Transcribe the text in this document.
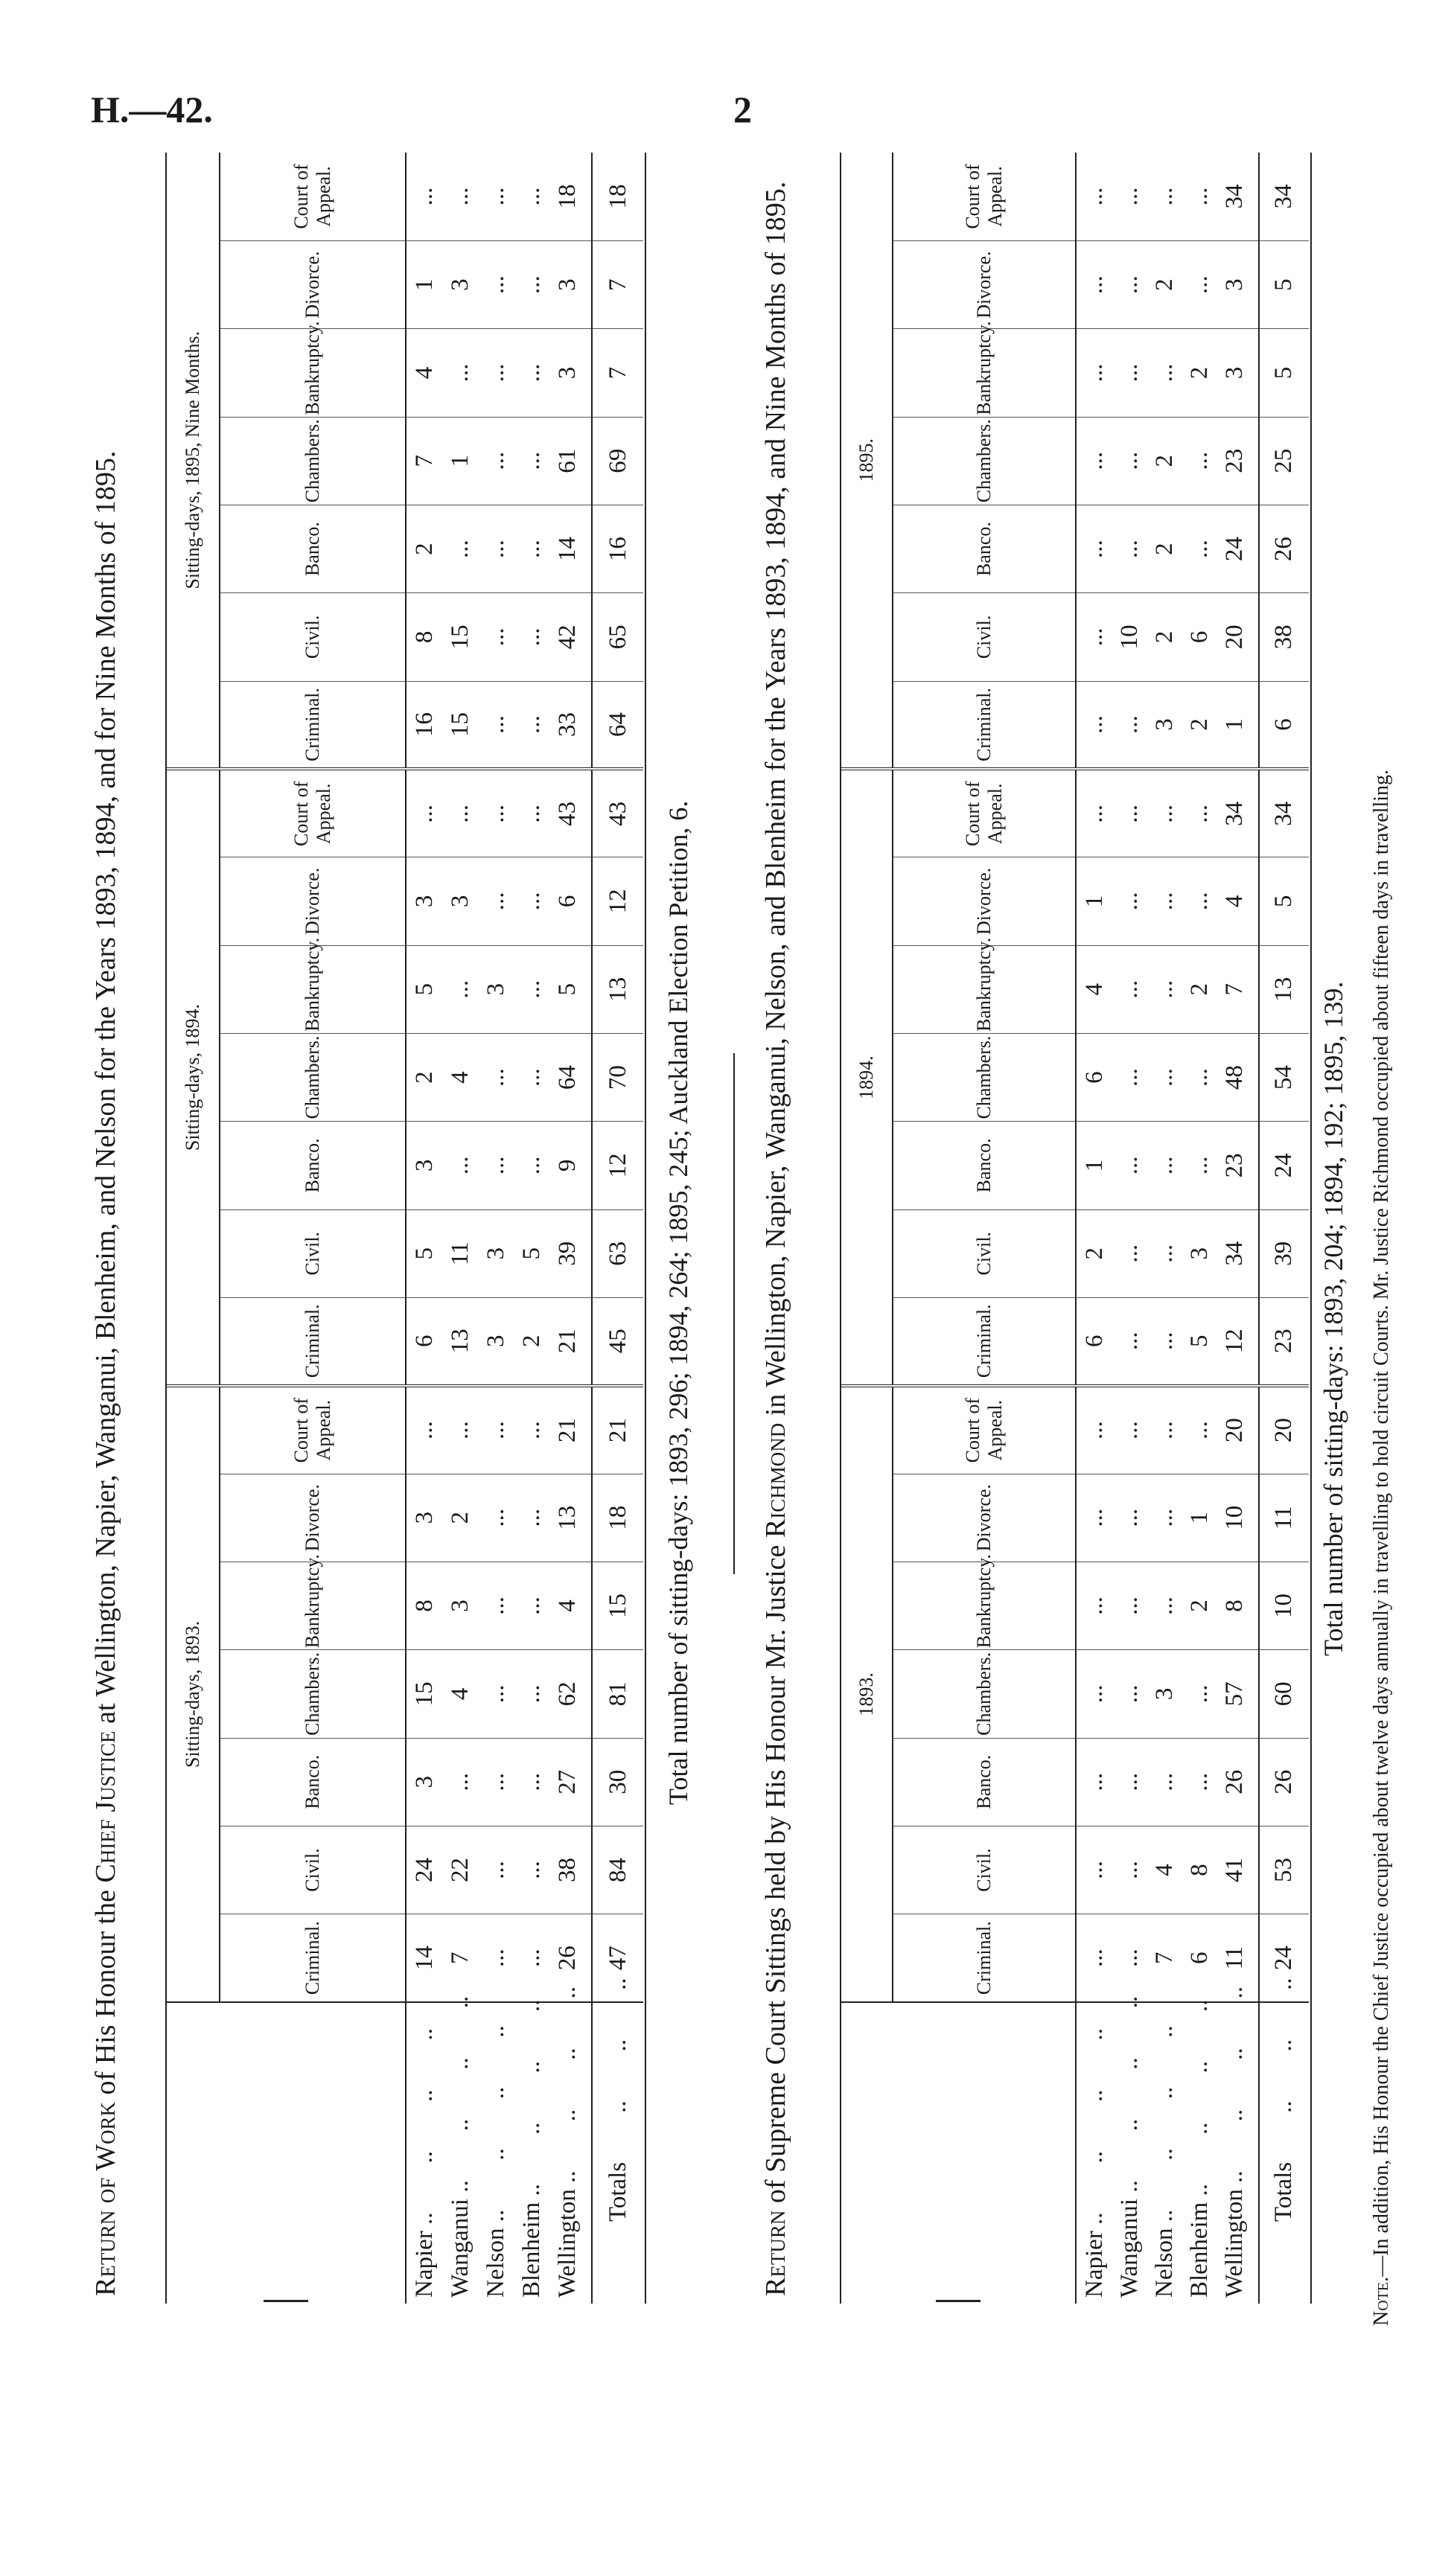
H.—42.	2
Return of Work of His Honour the Chief Justice at Wellington, Napier, Wanganui, Blenheim, and Nelson for the Years 1893, 1894, and for Nine Months of 1895.
		Sitting-days, 1893.							Sitting-days, 1894.							Sitting-days, 1895, Nine Months.						
	Criminal.	Civil.	Banco.	Chambers.	Bankruptcy.	Divorce.	Court of Appeal.	Criminal.	Civil.	Banco.	Chambers.	Bankruptcy.	Divorce.	Court of Appeal.	Criminal.	Civil.	Banco.	Chambers.	Bankruptcy.	Divorce.	Court of Appeal.
Napier ..        ..        ..        ..	14	24	3	15	8	3	...	6	5	3	2	5	3	...	16	8	2	7	4	1	...
Wanganui ..        ..        ..        ..	7	22	...	4	3	2	...	13	11	...	4	...	3	...	15	15	...	1	...	3	...
Nelson ..        ..        ..        ..	...	...	...	...	...	...	...	3	3	...	...	3	...	...	...	...	...	...	...	...	...
Blenheim ..        ..        ..        ..	...	...	...	...	...	...	...	2	5	...	...	...	...	...	...	...	...	...	...	...	...
Wellington ..        ..        ..        ..	26	38	27	62	4	13	21	21	39	9	64	5	6	43	33	42	14	61	3	3	18
Totals        ..        ..        ..	47	84	30	81	15	18	21	45	63	12	70	13	12	43	64	65	16	69	7	7	18
Total number of sitting-days: 1893, 296; 1894, 264; 1895, 245; Auckland Election Petition, 6.
Return of Supreme Court Sittings held by His Honour Mr. Justice Richmond in Wellington, Napier, Wanganui, Nelson, and Blenheim for the Years 1893, 1894, and Nine Months of 1895.
	1893.							1894.							1895.						
	Criminal.	Civil.	Banco.	Chambers.	Bankruptcy.	Divorce.	Court of Appeal.	Criminal.	Civil.	Banco.	Chambers.	Bankruptcy.	Divorce.	Court of Appeal.	Criminal.	Civil.	Banco.	Chambers.	Bankruptcy.	Divorce.	Court of Appeal.
Napier ..        ..        ..        ..	...	...	...	...	...	...	...	6	2	1	6	4	1	...	...	...	...	...	...	...	...
Wanganui ..        ..        ..        ..	...	...	...	...	...	...	...	...	...	...	...	...	...	...	...	10	...	...	...	...	...
Nelson ..        ..        ..        ..	7	4	...	3	...	...	...	...	...	...	...	...	...	...	3	2	2	2	...	2	...
Blenheim ..        ..        ..        ..	6	8	...	...	2	1	...	5	3	...	...	2	...	...	2	6	...	...	2	...	...
Wellington ..        ..        ..        ..	11	41	26	57	8	10	20	12	34	23	48	7	4	34	1	20	24	23	3	3	34
Totals        ..        ..        ..	24	53	26	60	10	11	20	23	39	24	54	13	5	34	6	38	26	25	5	5	34
Total number of sitting-days: 1893, 204; 1894, 192; 1895, 139.
Note.—In addition, His Honour the Chief Justice occupied about twelve days annually in travelling to hold circuit Courts. Mr. Justice Richmond occupied about fifteen days in travelling.
